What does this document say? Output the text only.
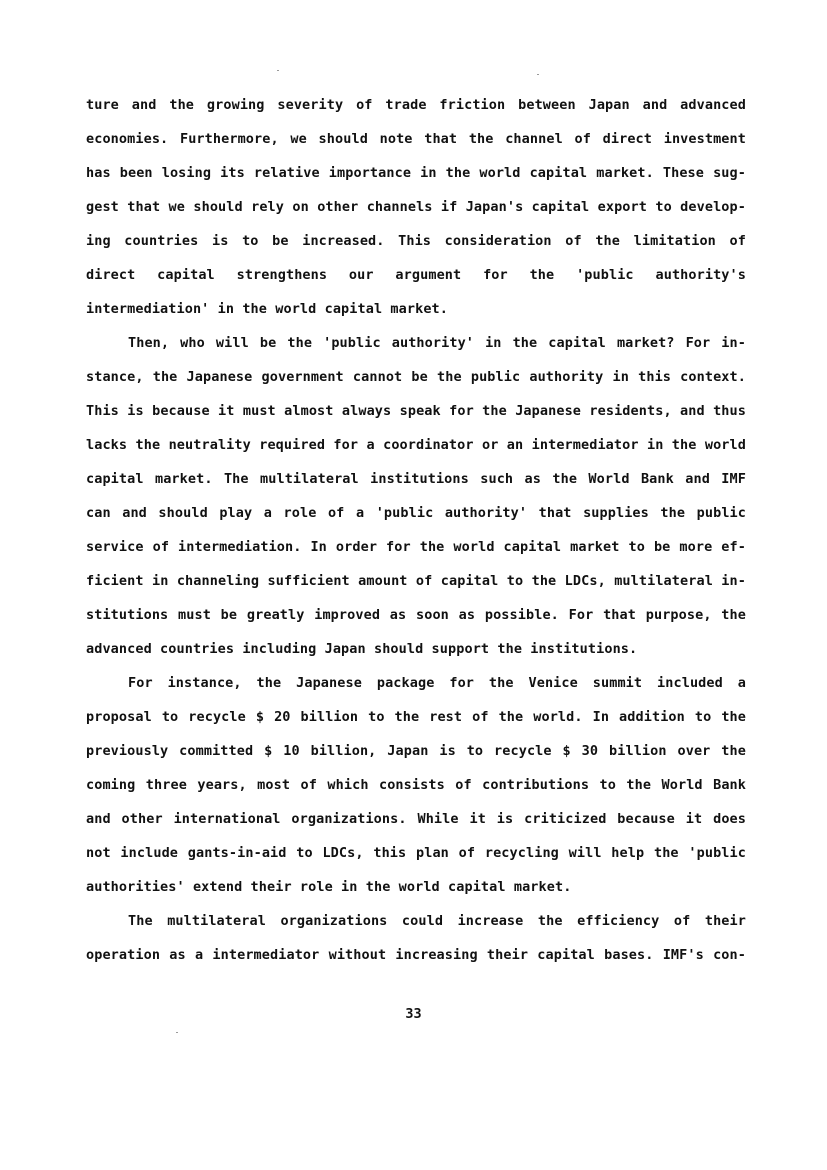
ture and the growing severity of trade friction between Japan and advanced
economies. Furthermore, we should note that the channel of direct investment
has been losing its relative importance in the world capital market. These sug-
gest that we should rely on other channels if Japan's capital export to develop-
ing countries is to be increased. This consideration of the limitation of
direct capital strengthens our argument for the 'public authority's
intermediation' in the world capital market.
Then, who will be the 'public authority' in the capital market? For in-
stance, the Japanese government cannot be the public authority in this context.
This is because it must almost always speak for the Japanese residents, and thus
lacks the neutrality required for a coordinator or an intermediator in the world
capital market. The multilateral institutions such as the World Bank and IMF
can and should play a role of a 'public authority' that supplies the public
service of intermediation. In order for the world capital market to be more ef-
ficient in channeling sufficient amount of capital to the LDCs, multilateral in-
stitutions must be greatly improved as soon as possible. For that purpose, the
advanced countries including Japan should support the institutions.
For instance, the Japanese package for the Venice summit included a
proposal to recycle $ 20 billion to the rest of the world. In addition to the
previously committed $ 10 billion, Japan is to recycle $ 30 billion over the
coming three years, most of which consists of contributions to the World Bank
and other international organizations. While it is criticized because it does
not include gants-in-aid to LDCs, this plan of recycling will help the 'public
authorities' extend their role in the world capital market.
The multilateral organizations could increase the efficiency of their
operation as a intermediator without increasing their capital bases. IMF's con-
33
